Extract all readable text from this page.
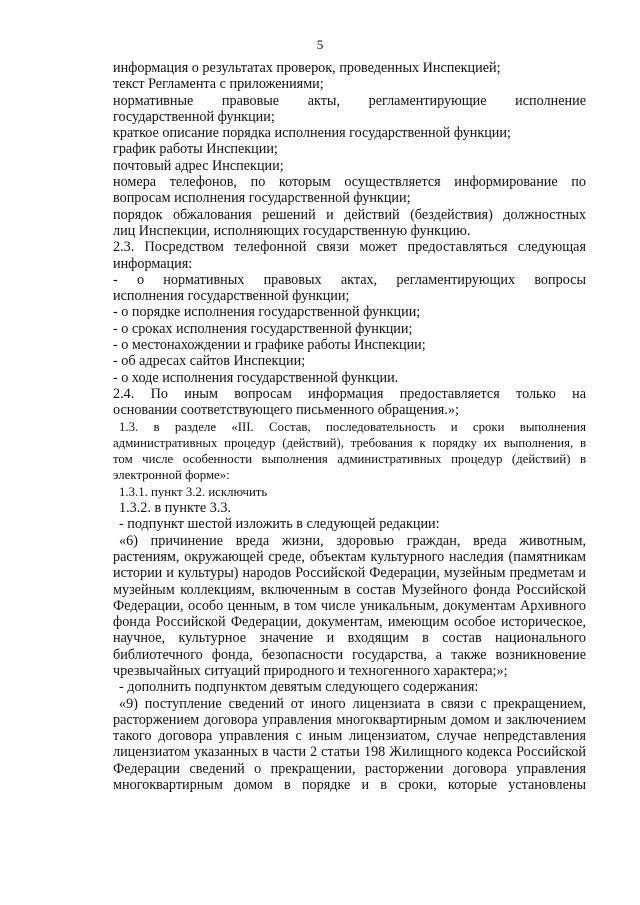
5
информация о результатах проверок, проведенных Инспекцией;
текст Регламента с приложениями;
нормативные правовые акты, регламентирующие исполнение
государственной функции;
краткое описание порядка исполнения государственной функции;
график работы Инспекции;
почтовый адрес Инспекции;
номера телефонов, по которым осуществляется информирование по
вопросам исполнения государственной функции;
порядок обжалования решений и действий (бездействия) должностных
лиц Инспекции, исполняющих государственную функцию.
2.3. Посредством телефонной связи может предоставляться следующая
информация:
- о нормативных правовых актах, регламентирующих вопросы
исполнения государственной функции;
- о порядке исполнения государственной функции;
- о сроках исполнения государственной функции;
- о местонахождении и графике работы Инспекции;
- об адресах сайтов Инспекции;
- о ходе исполнения государственной функции.
2.4. По иным вопросам информация предоставляется только на
основании соответствующего письменного обращения.»;
1.3. в разделе «III. Состав, последовательность и сроки выполнения
административных процедур (действий), требования к порядку их выполнения, в
том числе особенности выполнения административных процедур (действий) в
электронной форме»:
1.3.1. пункт 3.2. исключить
1.3.2. в пункте 3.3.
- подпункт шестой изложить в следующей редакции:
«6) причинение вреда жизни, здоровью граждан, вреда животным,
растениям, окружающей среде, объектам культурного наследия (памятникам
истории и культуры) народов Российской Федерации, музейным предметам и
музейным коллекциям, включенным в состав Музейного фонда Российской
Федерации, особо ценным, в том числе уникальным, документам Архивного
фонда Российской Федерации, документам, имеющим особое историческое,
научное, культурное значение и входящим в состав национального
библиотечного фонда, безопасности государства, а также возникновение
чрезвычайных ситуаций природного и техногенного характера;»;
- дополнить подпунктом девятым следующего содержания:
«9) поступление сведений от иного лицензиата в связи с прекращением,
расторжением договора управления многоквартирным домом и заключением
такого договора управления с иным лицензиатом, случае непредставления
лицензиатом указанных в части 2 статьи 198 Жилищного кодекса Российской
Федерации сведений о прекращении, расторжении договора управления
многоквартирным домом в порядке и в сроки, которые установлены
